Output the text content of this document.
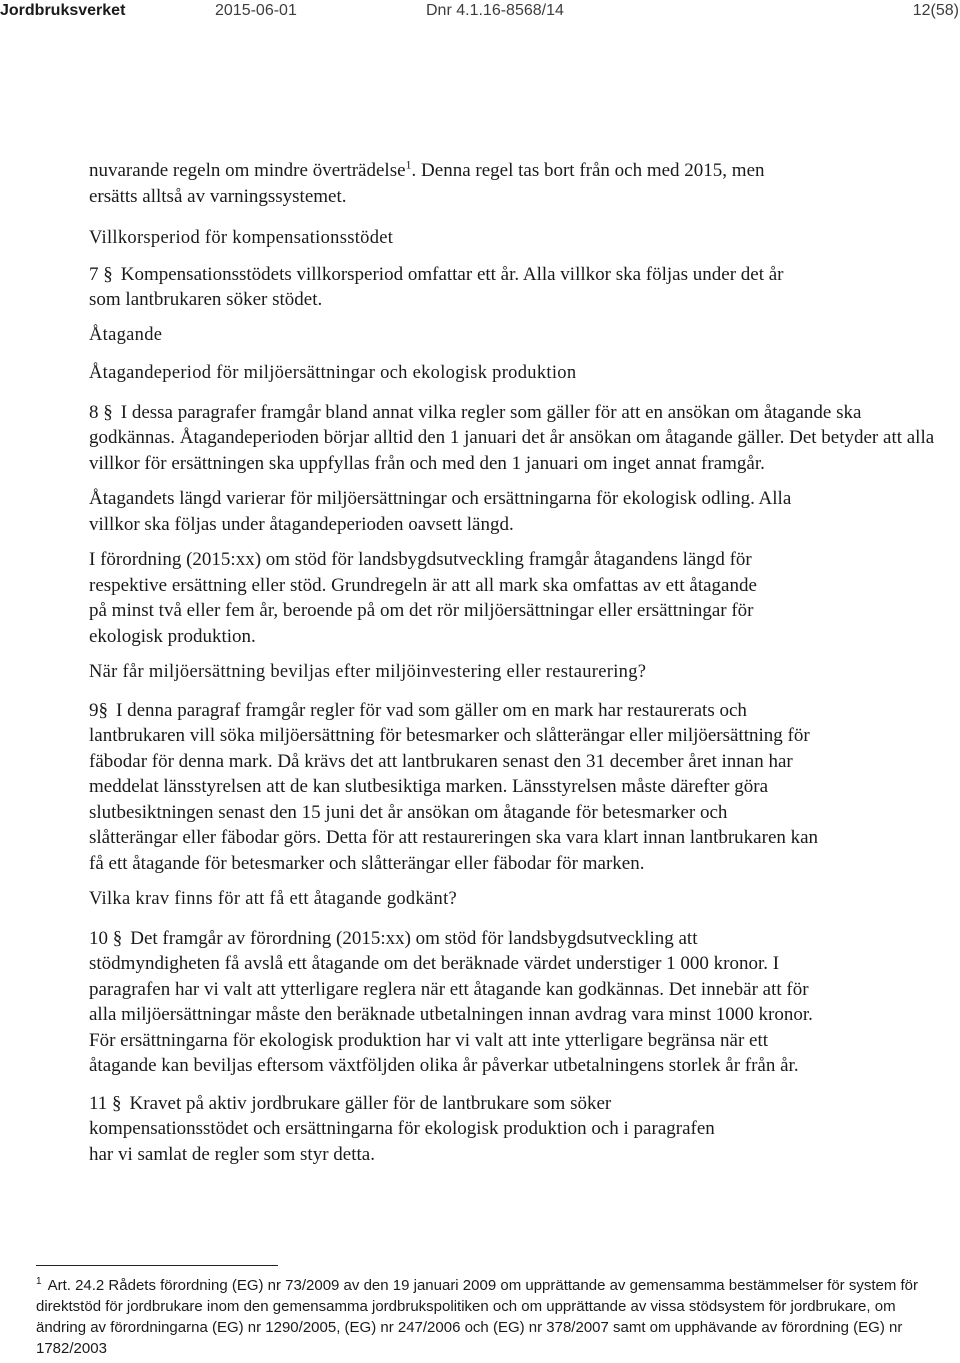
Jordbruksverket	2015-06-01	Dnr 4.1.16-8568/14	12(58)

nuvarande regeln om mindre överträdelse$^1$. Denna regel tas bort från och med 2015, men ersätts alltså av varningssystemet.

Villkorsperiod för kompensationsstödet

7 § Kompensationsstödets villkorsperiod omfattar ett år. Alla villkor ska följas under det år som lantbrukaren söker stödet.

Åtagande

Åtagandeperiod för miljöersättningar och ekologisk produktion

8 § I dessa paragrafer framgår bland annat vilka regler som gäller för att en ansökan om åtagande ska godkännas. Åtagandeperioden börjar alltid den 1 januari det år ansökan om åtagande gäller. Det betyder att alla villkor för ersättningen ska uppfyllas från och med den 1 januari om inget annat framgår.

Åtagandets längd varierar för miljöersättningar och ersättningarna för ekologisk odling. Alla villkor ska följas under åtagandeperioden oavsett längd.

I förordning (2015:xx) om stöd för landsbygdsutveckling framgår åtagandens längd för respektive ersättning eller stöd. Grundregeln är att all mark ska omfattas av ett åtagande på minst två eller fem år, beroende på om det rör miljöersättningar eller ersättningar för ekologisk produktion.

När får miljöersättning beviljas efter miljöinvestering eller restaurering?

9 § I denna paragraf framgår regler för vad som gäller om en mark har restaurerats och lantbrukaren vill söka miljöersättning för betesmarker och slåtterängar eller miljöersättning för fäbodar för denna mark. Då krävs det att lantbrukaren senast den 31 december året innan har meddelat länsstyrelsen att de kan slutbesiktiga marken. Länsstyrelsen måste därefter göra slutbesiktningen senast den 15 juni det år ansökan om åtagande för betesmarker och slåtterängar eller fäbodar görs. Detta för att restaureringen ska vara klart innan lantbrukaren kan få ett åtagande för betesmarker och slåtterängar eller fäbodar för marken.

Vilka krav finns för att få ett åtagande godkänt?

10 § Det framgår av förordning (2015:xx) om stöd för landsbygdsutveckling att stödmyndigheten få avslå ett åtagande om det beräknade värdet understiger 1 000 kronor. I paragrafen har vi valt att ytterligare reglera när ett åtagande kan godkännas. Det innebär att för alla miljöersättningar måste den beräknade utbetalningen innan avdrag vara minst 1000 kronor. För ersättningarna för ekologisk produktion har vi valt att inte ytterligare begränsa när ett åtagande kan beviljas eftersom växtföljden olika år påverkar utbetalningens storlek år från år.

11 § Kravet på aktiv jordbrukare gäller för de lantbrukare som söker kompensationsstödet och ersättningarna för ekologisk produktion och i paragrafen har vi samlat de regler som styr detta.

$^1$ Art. 24.2 Rådets förordning (EG) nr 73/2009 av den 19 januari 2009 om upprättande av gemensamma bestämmelser för system för direktstöd för jordbrukare inom den gemensamma jordbrukspolitiken och om upprättande av vissa stödsystem för jordbrukare, om ändring av förordningarna (EG) nr 1290/2005, (EG) nr 247/2006 och (EG) nr 378/2007 samt om upphävande av förordning (EG) nr 1782/2003
